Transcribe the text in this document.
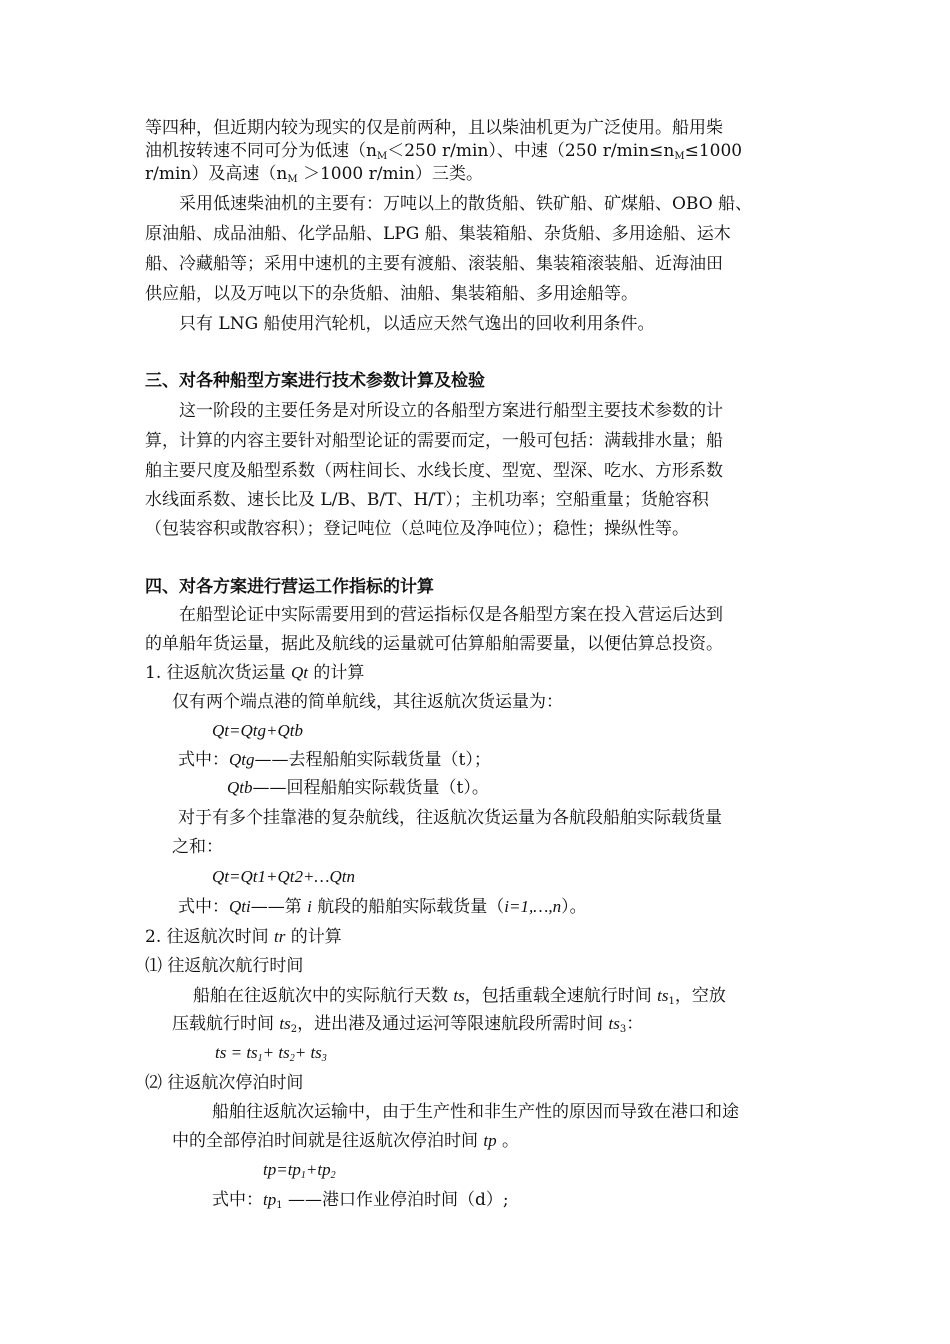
等四种，但近期内较为现实的仅是前两种，且以柴油机更为广泛使用。船用柴
油机按转速不同可分为低速（$n_M<250$ r/min）、中速（250 $r/\min\le n_M\le 1000$
r/min）及高速（$n_M >1000$ r/min）三类。
　　采用低速柴油机的主要有：万吨以上的散货船、铁矿船、矿煤船、OBO 船、
原油船、成品油船、化学品船、LPG 船、集装箱船、杂货船、多用途船、运木
船、冷藏船等；采用中速机的主要有渡船、滚装船、集装箱滚装船、近海油田
供应船，以及万吨以下的杂货船、油船、集装箱船、多用途船等。
　　只有 LNG 船使用汽轮机，以适应天然气逸出的回收利用条件。
三、对各种船型方案进行技术参数计算及检验
　　这一阶段的主要任务是对所设立的各船型方案进行船型主要技术参数的计
算，计算的内容主要针对船型论证的需要而定，一般可包括：满载排水量；船
舶主要尺度及船型系数（两柱间长、水线长度、型宽、型深、吃水、方形系数
水线面系数、速长比及 L/B、B/T、H/T）；主机功率；空船重量；货舱容积
（包装容积或散容积）；登记吨位（总吨位及净吨位）；稳性；操纵性等。
四、对各方案进行营运工作指标的计算
　　在船型论证中实际需要用到的营运指标仅是各船型方案在投入营运后达到
的单船年货运量，据此及航线的运量就可估算船舶需要量，以便估算总投资。
1. 往返航次货运量 Qt 的计算
仅有两个端点港的简单航线，其往返航次货运量为：
Qt=Qtg+Qtb
式中：Qtg——去程船舶实际载货量（t）；
Qtb——回程船舶实际载货量（t）。
对于有多个挂靠港的复杂航线，往返航次货运量为各航段船舶实际载货量
之和：
Qt=Qt1+Qt2+…Qtn
式中：Qti——第 i 航段的船舶实际载货量（i=1,…,n）。
2. 往返航次时间 tr 的计算
⑴ 往返航次航行时间
船舶在往返航次中的实际航行天数 ts，包括重载全速航行时间 $ts_1$，空放
压载航行时间 $ts_2$，进出港及通过运河等限速航段所需时间 $ts_3$：
ts = $ts_1+ ts_2+ ts_3$
⑵ 往返航次停泊时间
船舶往返航次运输中，由于生产性和非生产性的原因而导致在港口和途
中的全部停泊时间就是往返航次停泊时间 tp 。
$tp=tp_1+tp_2$
式中：$tp_1$ ——港口作业停泊时间（d）;
